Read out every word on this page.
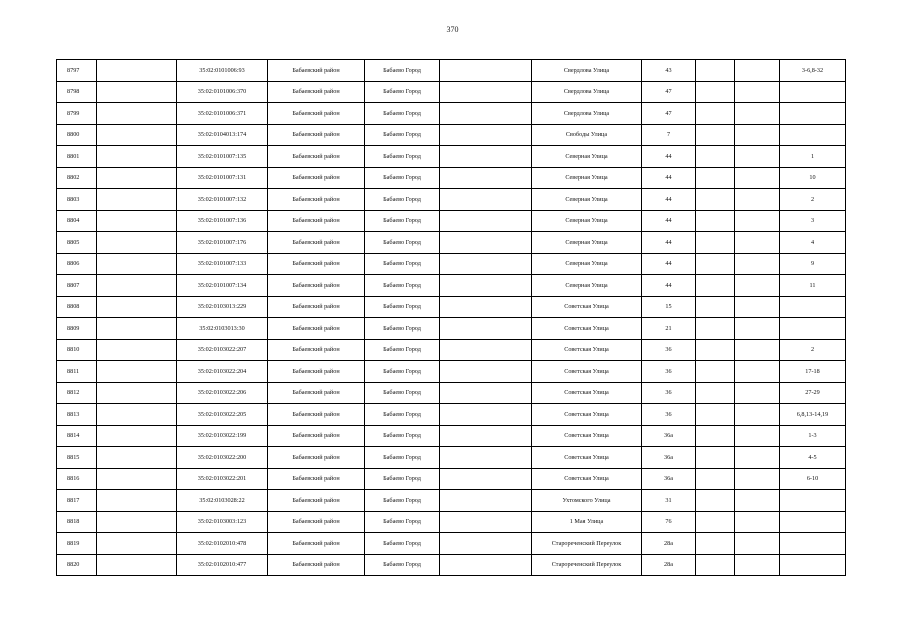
370
8797		35:02:0101006:93	Бабаевский район	Бабаево Город		Свердлова Улица	43			3-6,8-32
8798		35:02:0101006:370	Бабаевский район	Бабаево Город		Свердлова Улица	47			
8799		35:02:0101006:371	Бабаевский район	Бабаево Город		Свердлова Улица	47			
8800		35:02:0104013:174	Бабаевский район	Бабаево Город		Свободы Улица	7			
8801		35:02:0101007:135	Бабаевский район	Бабаево Город		Северная Улица	44			1
8802		35:02:0101007:131	Бабаевский район	Бабаево Город		Северная Улица	44			10
8803		35:02:0101007:132	Бабаевский район	Бабаево Город		Северная Улица	44			2
8804		35:02:0101007:136	Бабаевский район	Бабаево Город		Северная Улица	44			3
8805		35:02:0101007:176	Бабаевский район	Бабаево Город		Северная Улица	44			4
8806		35:02:0101007:133	Бабаевский район	Бабаево Город		Северная Улица	44			9
8807		35:02:0101007:134	Бабаевский район	Бабаево Город		Северная Улица	44			11
8808		35:02:0103013:229	Бабаевский район	Бабаево Город		Советская Улица	15			
8809		35:02:0103013:30	Бабаевский район	Бабаево Город		Советская Улица	21			
8810		35:02:0103022:207	Бабаевский район	Бабаево Город		Советская Улица	36			2
8811		35:02:0103022:204	Бабаевский район	Бабаево Город		Советская Улица	36			17-18
8812		35:02:0103022:206	Бабаевский район	Бабаево Город		Советская Улица	36			27-29
8813		35:02:0103022:205	Бабаевский район	Бабаево Город		Советская Улица	36			6,8,13-14,19
8814		35:02:0103022:199	Бабаевский район	Бабаево Город		Советская Улица	36а			1-3
8815		35:02:0103022:200	Бабаевский район	Бабаево Город		Советская Улица	36а			4-5
8816		35:02:0103022:201	Бабаевский район	Бабаево Город		Советская Улица	36а			6-10
8817		35:02:0103028:22	Бабаевский район	Бабаево Город		Ухтомского Улица	31			
8818		35:02:0103003:123	Бабаевский район	Бабаево Город		1 Мая Улица	76			
8819		35:02:0102010:478	Бабаевский район	Бабаево Город		Старореченский Переулок	28а			
8820		35:02:0102010:477	Бабаевский район	Бабаево Город		Старореченский Переулок	28а			
